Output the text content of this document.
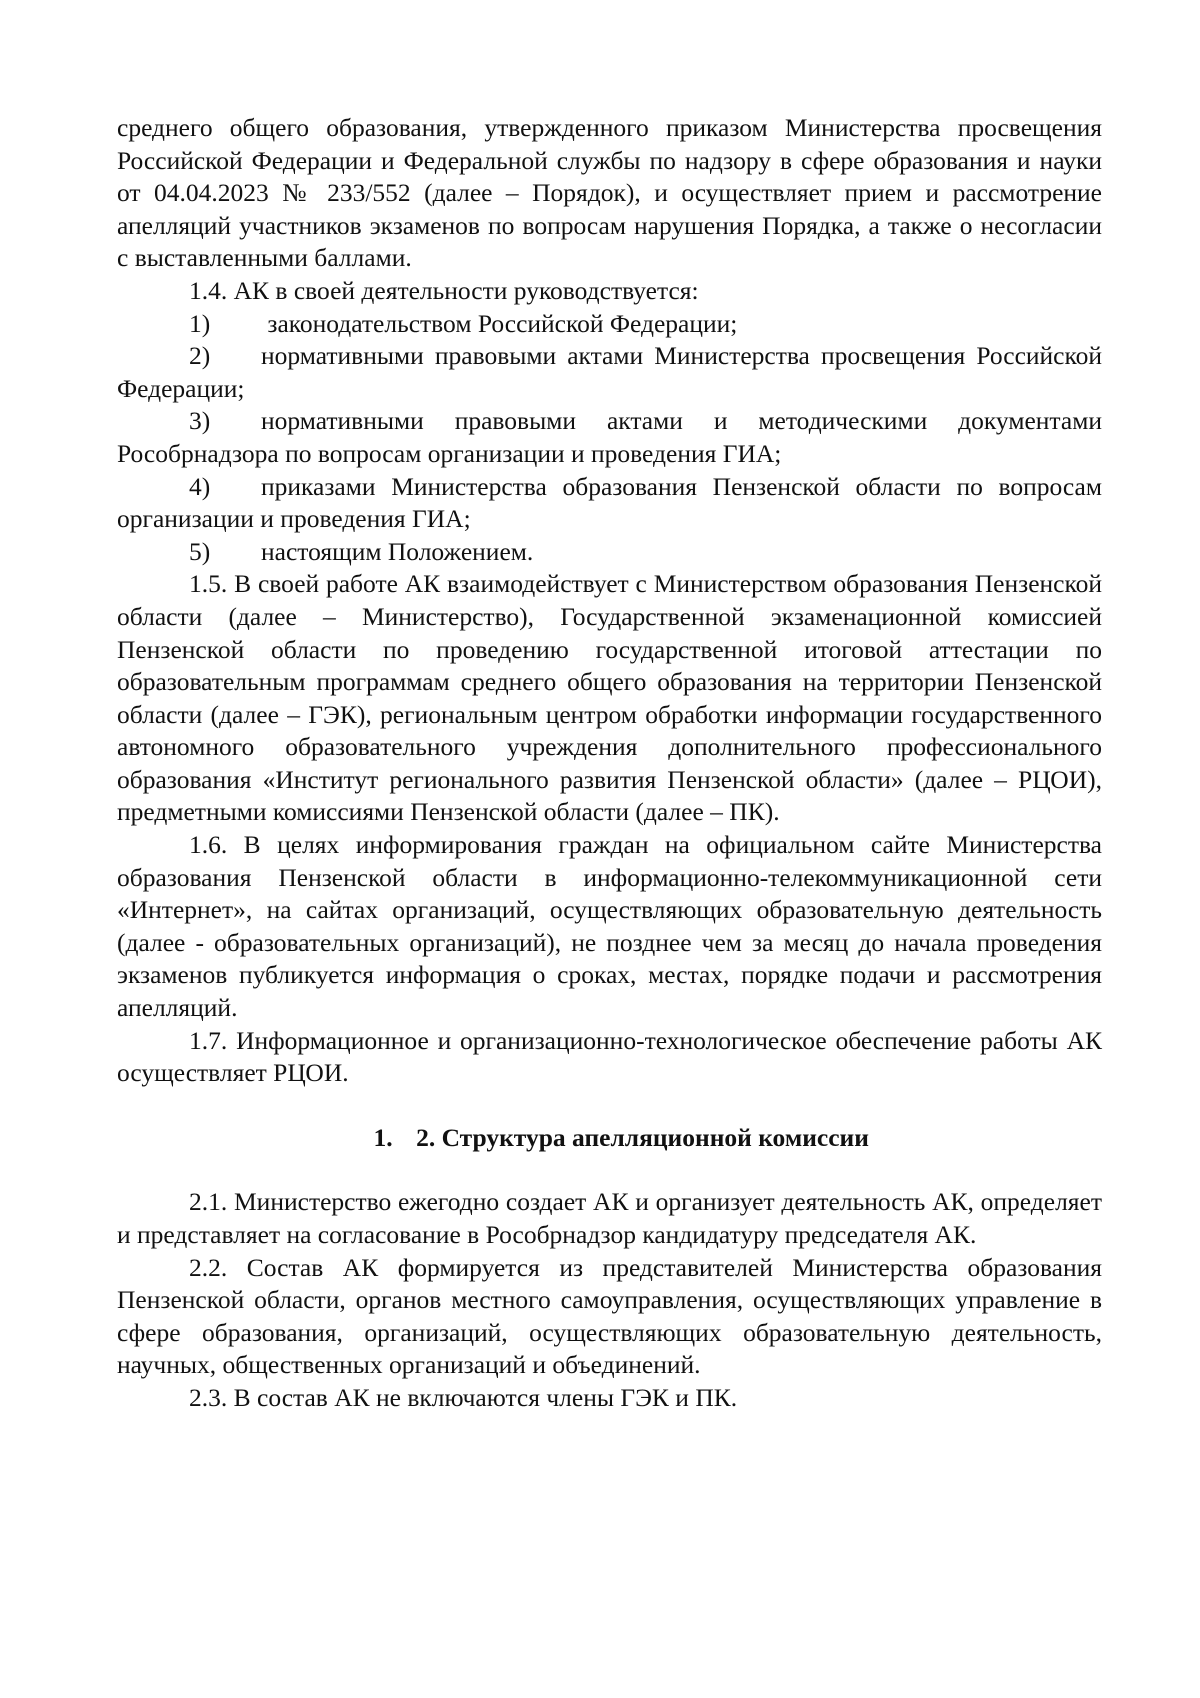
среднего общего образования, утвержденного приказом Министерства просвещения Российской Федерации и Федеральной службы по надзору в сфере образования и науки от 04.04.2023 № 233/552 (далее – Порядок), и осуществляет прием и рассмотрение апелляций участников экзаменов по вопросам нарушения Порядка, а также о несогласии с выставленными баллами.

1.4. АК в своей деятельности руководствуется:

1) законодательством Российской Федерации;

2) нормативными правовыми актами Министерства просвещения Российской Федерации;

3) нормативными правовыми актами и методическими документами Рособрнадзора по вопросам организации и проведения ГИА;

4) приказами Министерства образования Пензенской области по вопросам организации и проведения ГИА;

5) настоящим Положением.

1.5. В своей работе АК взаимодействует с Министерством образования Пензенской области (далее – Министерство), Государственной экзаменационной комиссией Пензенской области по проведению государственной итоговой аттестации по образовательным программам среднего общего образования на территории Пензенской области (далее – ГЭК), региональным центром обработки информации государственного автономного образовательного учреждения дополнительного профессионального образования «Институт регионального развития Пензенской области» (далее – РЦОИ), предметными комиссиями Пензенской области (далее – ПК).

1.6. В целях информирования граждан на официальном сайте Министерства образования Пензенской области в информационно-телекоммуникационной сети «Интернет», на сайтах организаций, осуществляющих образовательную деятельность (далее - образовательных организаций), не позднее чем за месяц до начала проведения экзаменов публикуется информация о сроках, местах, порядке подачи и рассмотрения апелляций.

1.7. Информационное и организационно-технологическое обеспечение работы АК осуществляет РЦОИ.

1. 2. Структура апелляционной комиссии

2.1. Министерство ежегодно создает АК и организует деятельность АК, определяет и представляет на согласование в Рособрнадзор кандидатуру председателя АК.

2.2. Состав АК формируется из представителей Министерства образования Пензенской области, органов местного самоуправления, осуществляющих управление в сфере образования, организаций, осуществляющих образовательную деятельность, научных, общественных организаций и объединений.

2.3. В состав АК не включаются члены ГЭК и ПК.
